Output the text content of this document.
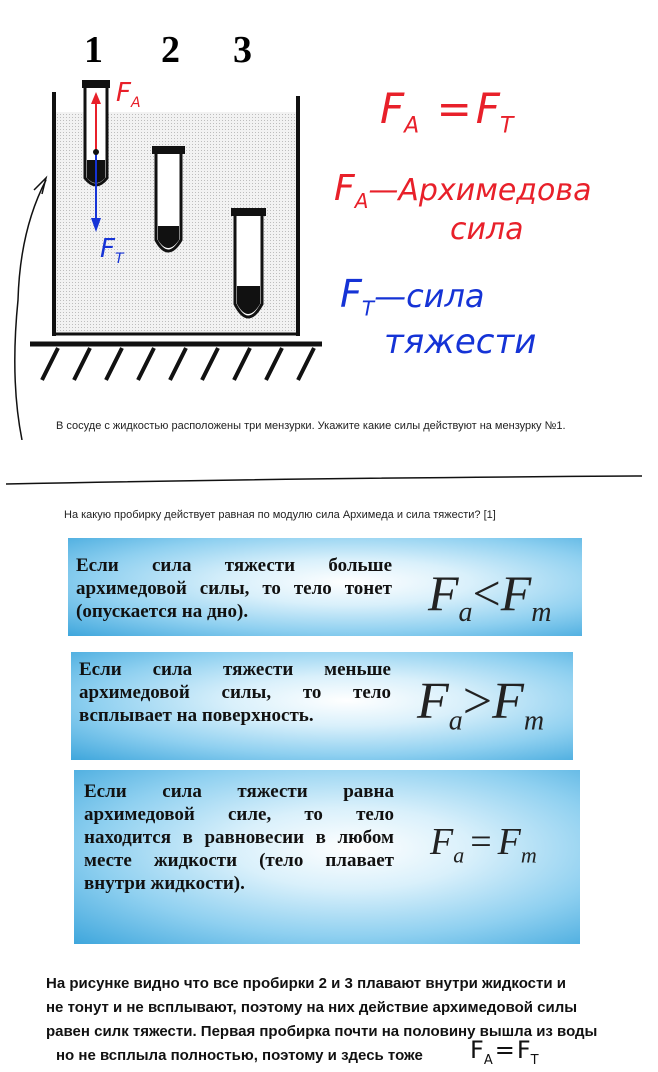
1 2 3
$F_A$
$F_T$
$F_A =F_T$
$F_A—Архимедова$
сила
$F_T—сила$
тяжести
В сосуде с жидкостью расположены три мензурки. Укажите какие силы действуют на мензурку №1.
На какую пробирку действует равная по модулю сила Архимеда и сила тяжести? [1]
Если сила тяжести больше архимедовой силы, то тело тонет (опускается на дно).	$F_a<F_m$
Если сила тяжести меньше архимедовой силы, то тело всплывает на поверхность.	$F_a>F_m$
Если сила тяжести равна архимедовой силе, то тело находится в равновесии в любом месте жидкости (тело плавает внутри жидкости).
$F_a = F_m$
На рисунке видно что все пробирки 2 и 3 плавают внутри жидкости и
не тонут и не всплывают, поэтому на них действие архимедовой силы
равен силк тяжести. Первая пробирка почти на половину вышла из воды
но не всплыла полностью, поэтому и здесь тоже $F_A=F_T$
